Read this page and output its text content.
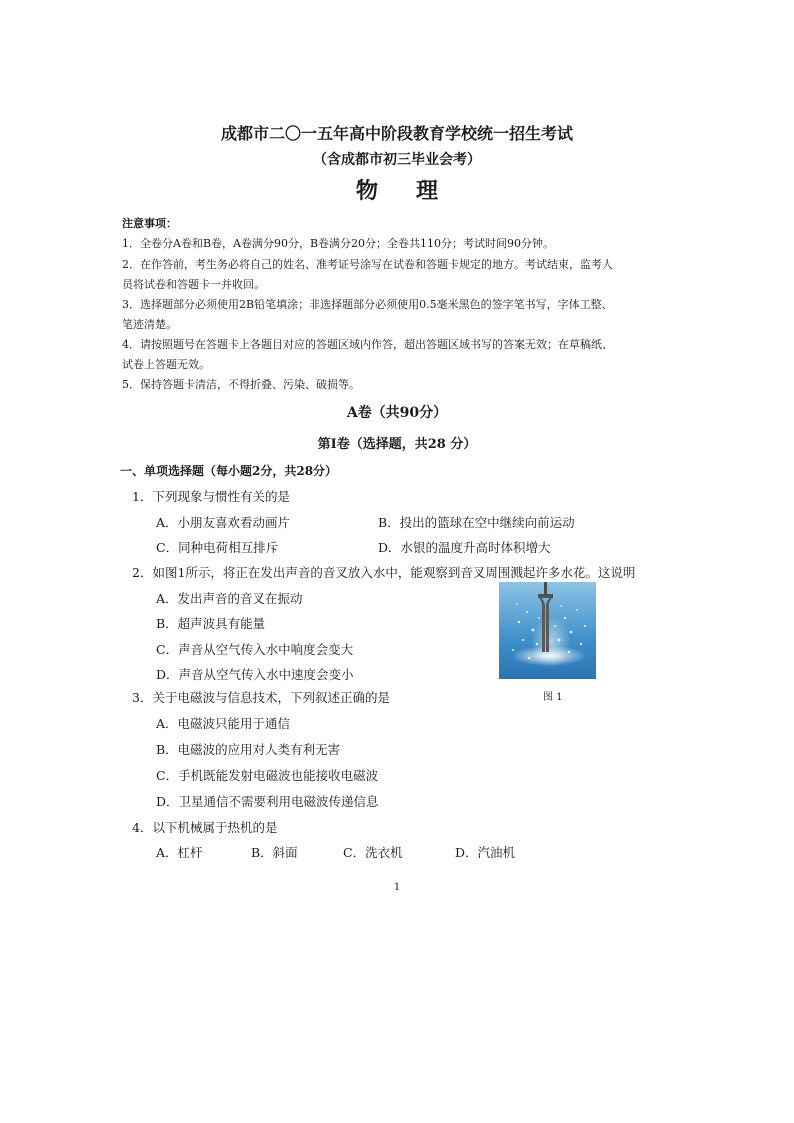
成都市二〇一五年高中阶段教育学校统一招生考试
（含成都市初三毕业会考）
物理
注意事项：
1．全卷分A卷和B卷，A卷满分90分，B卷满分20分；全卷共110分；考试时间90分钟。
2．在作答前，考生务必将自己的姓名、准考证号涂写在试卷和答题卡规定的地方。考试结束，监考人
员将试卷和答题卡一并收回。
3．选择题部分必须使用2B铅笔填涂；非选择题部分必须使用0.5毫米黑色的签字笔书写，字体工整、
笔迹清楚。
4．请按照题号在答题卡上各题目对应的答题区域内作答，超出答题区域书写的答案无效；在草稿纸、
试卷上答题无效。
5．保持答题卡清洁，不得折叠、污染、破损等。
A卷（共90分）
第Ⅰ卷（选择题，共28 分）
一、单项选择题（每小题2分，共28分）
1．下列现象与惯性有关的是
A．小朋友喜欢看动画片	B．投出的篮球在空中继续向前运动
C．同种电荷相互排斥	D．水银的温度升高时体积增大
2．如图1所示，将正在发出声音的音叉放入水中，能观察到音叉周围溅起许多水花。这说明
A．发出声音的音叉在振动
B．超声波具有能量
C．声音从空气传入水中响度会变大
D．声音从空气传入水中速度会变小
图 1
3．关于电磁波与信息技术，下列叙述正确的是
A．电磁波只能用于通信
B．电磁波的应用对人类有利无害
C．手机既能发射电磁波也能接收电磁波
D．卫星通信不需要利用电磁波传递信息
4．以下机械属于热机的是
A．杠杆	B．斜面	C．洗衣机	D．汽油机
1
